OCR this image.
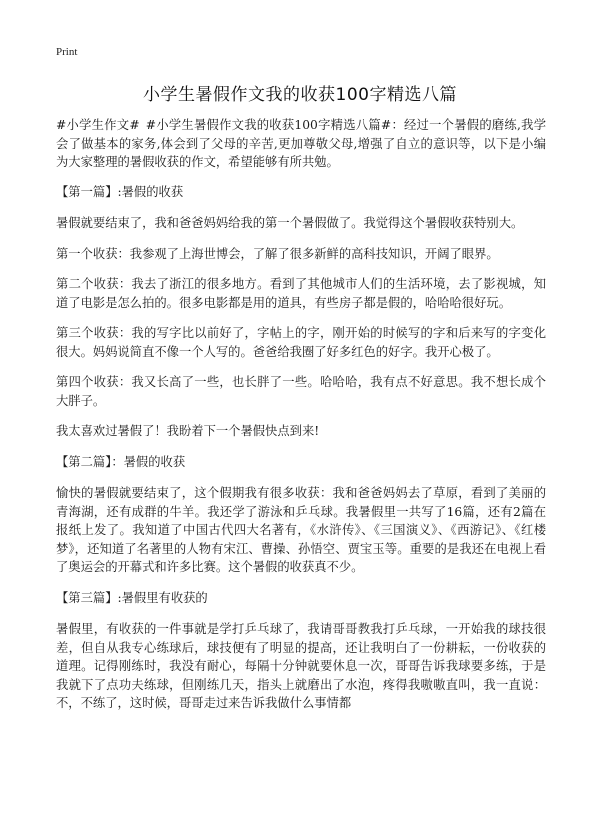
Print
小学生暑假作文我的收获100字精选八篇

#小学生作文# #小学生暑假作文我的收获100字精选八篇#：经过一个暑假的磨练,我学会了做基本的家务,体会到了父母的辛苦,更加尊敬父母,增强了自立的意识等，以下是小编为大家整理的暑假收获的作文，希望能够有所共勉。

【第一篇】:暑假的收获

暑假就要结束了，我和爸爸妈妈给我的第一个暑假做了。我觉得这个暑假收获特别大。

第一个收获：我参观了上海世博会，了解了很多新鲜的高科技知识，开阔了眼界。

第二个收获：我去了浙江的很多地方。看到了其他城市人们的生活环境，去了影视城，知道了电影是怎么拍的。很多电影都是用的道具，有些房子都是假的，哈哈哈很好玩。

第三个收获：我的写字比以前好了，字帖上的字，刚开始的时候写的字和后来写的字变化很大。妈妈说简直不像一个人写的。爸爸给我圈了好多红色的好字。我开心极了。

第四个收获：我又长高了一些，也长胖了一些。哈哈哈，我有点不好意思。我不想长成个大胖子。

我太喜欢过暑假了！我盼着下一个暑假快点到来!

【第二篇】：暑假的收获

愉快的暑假就要结束了，这个假期我有很多收获：我和爸爸妈妈去了草原，看到了美丽的青海湖，还有成群的牛羊。我还学了游泳和乒乓球。我暑假里一共写了16篇，还有2篇在报纸上发了。我知道了中国古代四大名著有，《水浒传》、《三国演义》、《西游记》、《红楼梦》，还知道了名著里的人物有宋江、曹操、孙悟空、贾宝玉等。重要的是我还在电视上看了奥运会的开幕式和许多比赛。这个暑假的收获真不少。

【第三篇】:暑假里有收获的

暑假里，有收获的一件事就是学打乒乓球了，我请哥哥教我打乒乓球，一开始我的球技很差，但自从我专心练球后，球技便有了明显的提高，还让我明白了一份耕耘，一份收获的道理。记得刚练时，我没有耐心，每隔十分钟就要休息一次，哥哥告诉我球要多练，于是我就下了点功夫练球，但刚练几天，指头上就磨出了水泡，疼得我嗷嗷直叫，我一直说：不，不练了，这时候，哥哥走过来告诉我做什么事情都
